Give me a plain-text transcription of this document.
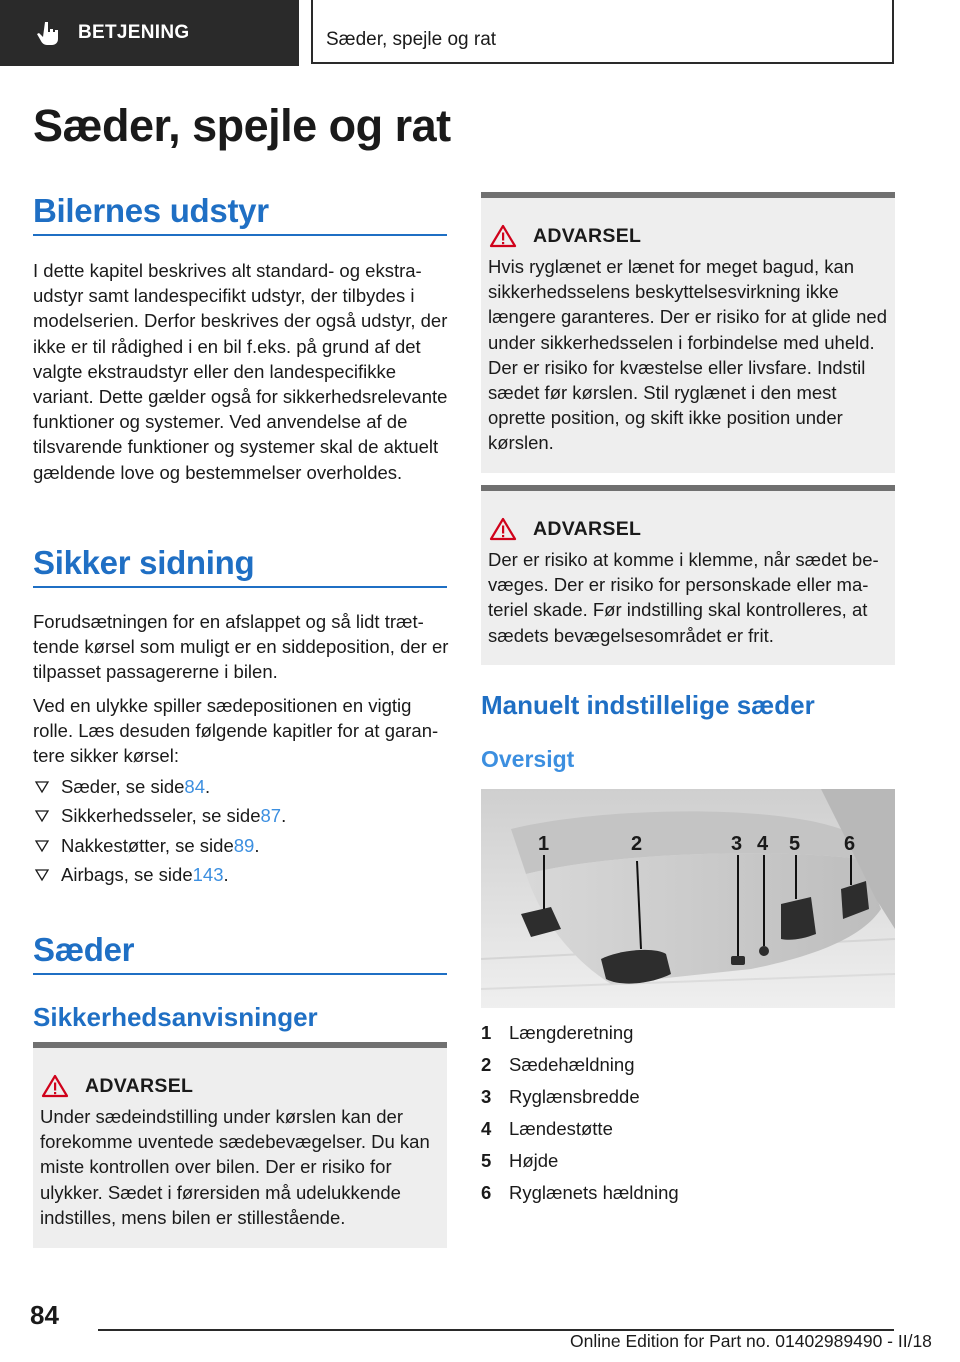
BETJENING	Sæder, spejle og rat
Sæder, spejle og rat
Bilernes udstyr

I dette kapitel beskrives alt standard- og ekstraudstyr samt landespecifikt udstyr, der tilbydes i modelserien. Derfor beskrives der også udstyr, der ikke er til rådighed i en bil f.eks. på grund af det valgte ekstraudstyr eller den landespecifikke variant. Dette gælder også for sikkerhedsrelevante funktioner og systemer. Ved anvendelse af de tilsvarende funktioner og systemer skal de aktuelt gældende love og bestemmelser overholdes.

Sikker sidning

Forudsætningen for en afslappet og så lidt trættende kørsel som muligt er en siddeposition, der er tilpasset passagererne i bilen.

Ved en ulykke spiller sædepositionen en vigtig rolle. Læs desuden følgende kapitler for at garantere sikker kørsel:

Sæder, se side 84 .
Sikkerhedsseler, se side 87 .
Nakkestøtter, se side 89 .
Airbags, se side 143 .
Sæder
Sikkerhedsanvisninger
ADVARSEL
Under sædeindstilling under kørslen kan der forekomme uventede sædebevægelser. Du kan miste kontrollen over bilen. Der er risiko for ulykker. Sædet i førersiden må udelukkende indstilles, mens bilen er stillestående.
ADVARSEL
Hvis ryglænet er lænet for meget bagud, kan sikkerhedsselens beskyttelsesvirkning ikke længere garanteres. Der er risiko for at glide ned under sikkerhedsselen i forbindelse med uheld. Der er risiko for kvæstelse eller livsfare. Indstil sædet før kørslen. Stil ryglænet i den mest oprette position, og skift ikke position under kørslen.
ADVARSEL
Der er risiko at komme i klemme, når sædet bevæges. Der er risiko for personskade eller materiel skade. Før indstilling skal kontrolleres, at sædets bevægelsesområdet er frit.
Manuelt indstillelige sæder
Oversigt
1	2	3 4 5 6
1 Længderetning
2 Sædehældning
3 Ryglænsbredde
4 Lændestøtte
5 Højde
6 Ryglænets hældning
84
Online Edition for Part no. 01402989490 - II/18
